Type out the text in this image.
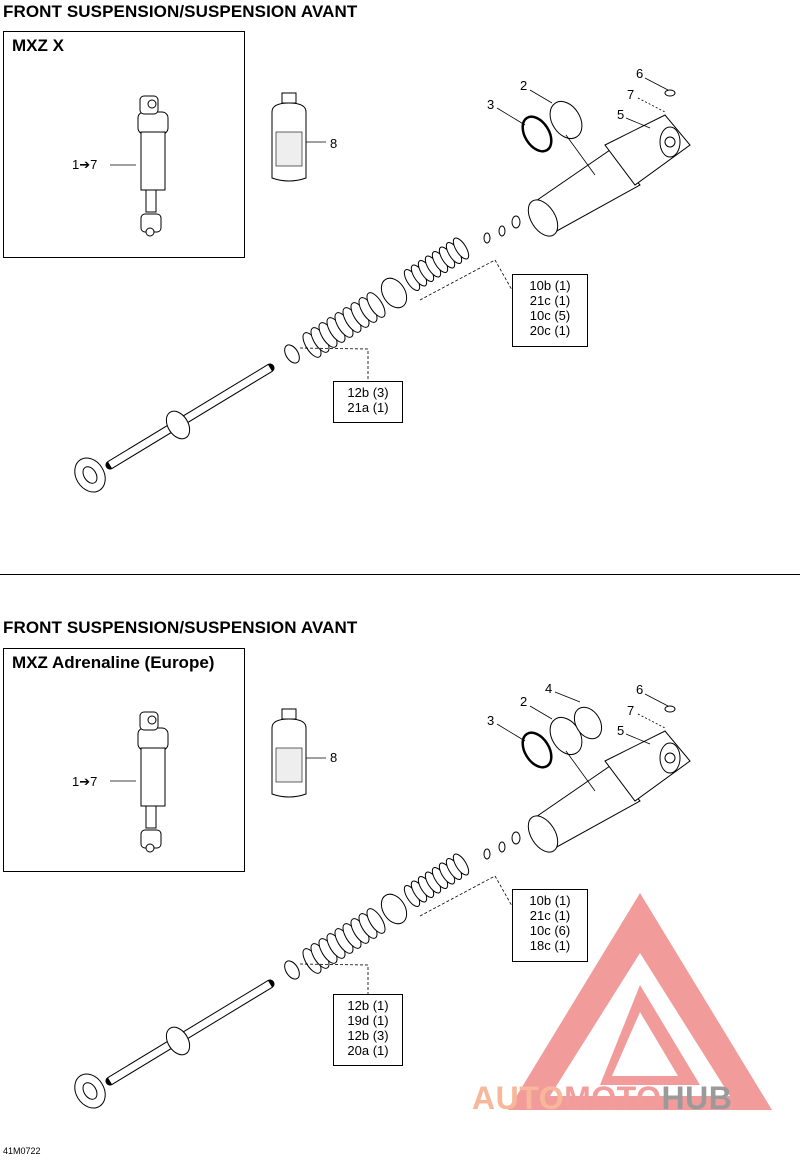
FRONT SUSPENSION/SUSPENSION AVANT
MXZ X
1➔7
8
2
3
5
6
7
10b (1)
21c (1)
10c (5)
20c (1)
12b (3)
21a (1)
FRONT SUSPENSION/SUSPENSION AVANT
MXZ Adrenaline (Europe)
1➔7
8
2
3
4
5
6
7
10b (1)
21c (1)
10c (6)
18c (1)
12b (1)
19d (1)
12b (3)
20a (1)
AUTOMOTOHUB
41M0722
